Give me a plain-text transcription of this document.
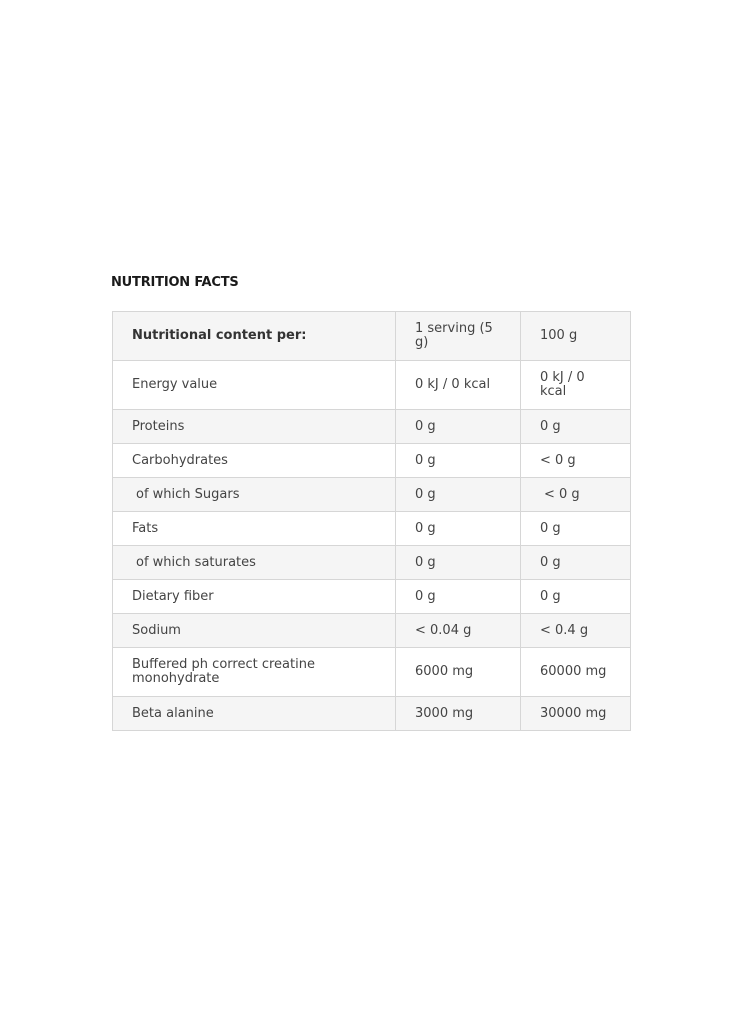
NUTRITION FACTS
Nutritional content per:	1 serving (5 g)	100 g
Energy value	0 kJ / 0 kcal	0 kJ / 0 kcal
Proteins	0 g	0 g
Carbohydrates	0 g	< 0 g
of which Sugars	0 g	< 0 g
Fats	0 g	0 g
of which saturates	0 g	0 g
Dietary fiber	0 g	0 g
Sodium	< 0.04 g	< 0.4 g
Buffered ph correct creatine monohydrate	6000 mg	60000 mg
Beta alanine	3000 mg	30000 mg
